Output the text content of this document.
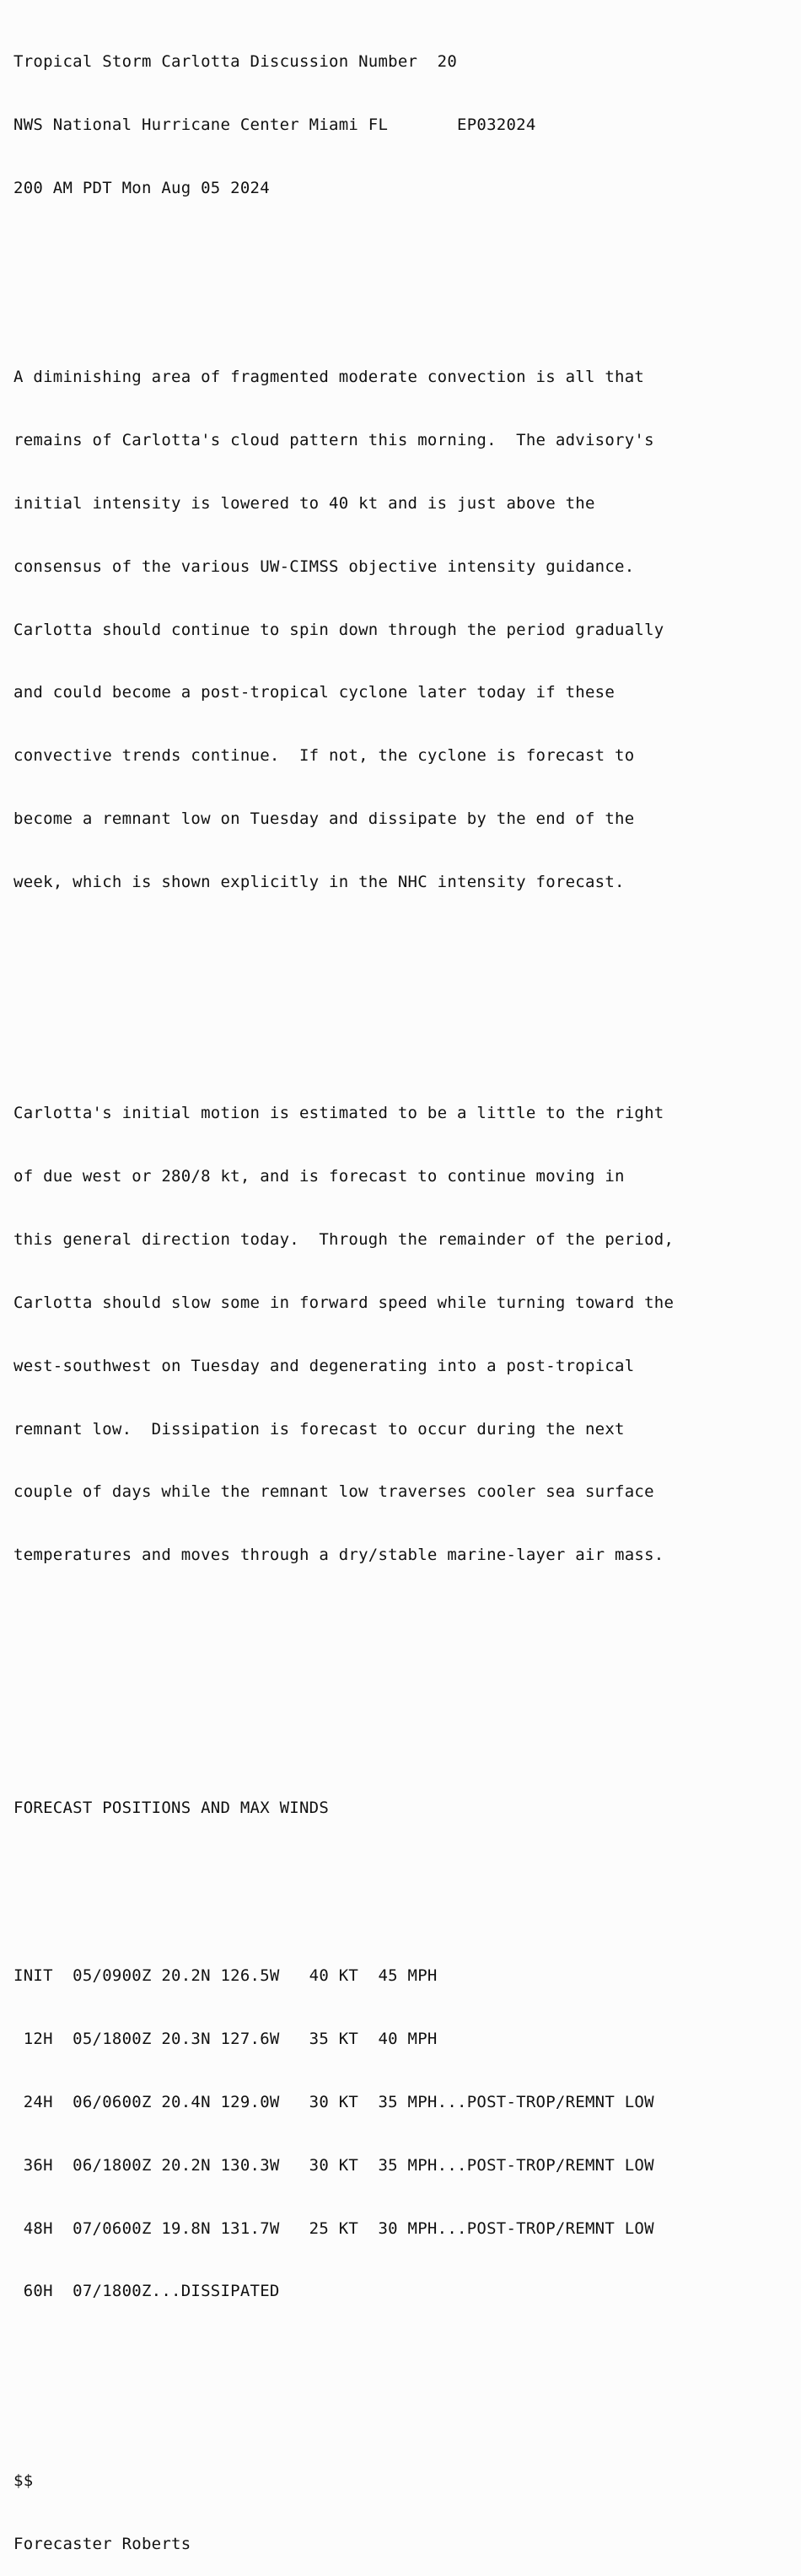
Tropical Storm Carlotta Discussion Number  20

NWS National Hurricane Center Miami FL       EP032024

200 AM PDT Mon Aug 05 2024

A diminishing area of fragmented moderate convection is all that

remains of Carlotta's cloud pattern this morning.  The advisory's

initial intensity is lowered to 40 kt and is just above the

consensus of the various UW-CIMSS objective intensity guidance.

Carlotta should continue to spin down through the period gradually

and could become a post-tropical cyclone later today if these

convective trends continue.  If not, the cyclone is forecast to

become a remnant low on Tuesday and dissipate by the end of the

week, which is shown explicitly in the NHC intensity forecast.

Carlotta's initial motion is estimated to be a little to the right

of due west or 280/8 kt, and is forecast to continue moving in

this general direction today.  Through the remainder of the period,

Carlotta should slow some in forward speed while turning toward the

west-southwest on Tuesday and degenerating into a post-tropical

remnant low.  Dissipation is forecast to occur during the next

couple of days while the remnant low traverses cooler sea surface

temperatures and moves through a dry/stable marine-layer air mass.

FORECAST POSITIONS AND MAX WINDS

INIT  05/0900Z 20.2N 126.5W   40 KT  45 MPH

12H  05/1800Z 20.3N 127.6W   35 KT  40 MPH

24H  06/0600Z 20.4N 129.0W   30 KT  35 MPH...POST-TROP/REMNT LOW

36H  06/1800Z 20.2N 130.3W   30 KT  35 MPH...POST-TROP/REMNT LOW

48H  07/0600Z 19.8N 131.7W   25 KT  30 MPH...POST-TROP/REMNT LOW

60H  07/1800Z...DISSIPATED

$$

Forecaster Roberts
